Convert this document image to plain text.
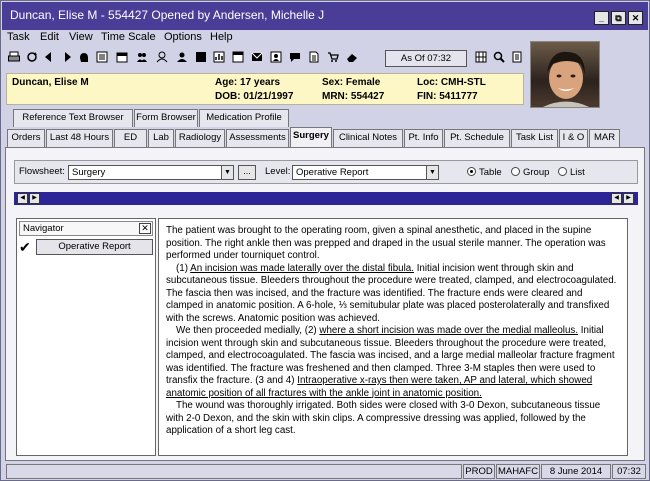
Duncan, Elise M - 554427 Opened by Andersen, Michelle J	_	⧉	✕
Task Edit View Time Scale Options Help
As Of 07:32
Duncan, Elise M	Age: 17 years
DOB: 01/21/1997
Sex: Female
MRN: 554427
Loc: CMH-STL
FIN: 5411777
Reference Text Browser	Form Browser	Medication Profile
Orders Last 48 Hours	ED	Lab	Radiology Assessments Surgery	Clinical Notes	Pt. Info	Pt. Schedule	Task List	I & O	MAR
Flowsheet: Surgery	▼	...	Level: Operative Report	▼	Table	Group	List
◀	▶	◀	▶
Navigator	✕
✔	Operative Report

The patient was brought to the operating room, given a spinal anesthetic, and placed in the supine position. The right ankle then was prepped and draped in the usual sterile manner. The operation was performed under tourniquet control.

(1) An incision was made laterally over the distal fibula. Initial incision went through skin and subcutaneous tissue. Bleeders throughout the procedure were treated, clamped, and electrocoagulated. The fascia then was incised, and the fracture was identified. The fracture ends were cleared and clamped in anatomic position. A 6-hole, ⅓ semitubular plate was placed posterolaterally and transfixed with the screws. Anatomic position was achieved.

We then proceeded medially, (2) where a short incision was made over the medial malleolus. Initial incision went through skin and subcutaneous tissue. Bleeders throughout the procedure were treated, clamped, and electrocoagulated. The fascia was incised, and a large medial malleolar fracture fragment was identified. The fracture was freshened and then clamped. Three 3-M staples then were used to transfix the fracture. (3 and 4) Intraoperative x-rays then were taken, AP and lateral, which showed anatomic position of all fractures with the ankle joint in anatomic position.

The wound was thoroughly irrigated. Both sides were closed with 3-0 Dexon, subcutaneous tissue with 2-0 Dexon, and the skin with skin clips. A compressive dressing was applied, followed by the application of a short leg cast.

PROD MAHAFC	8 June 2014	07:32
